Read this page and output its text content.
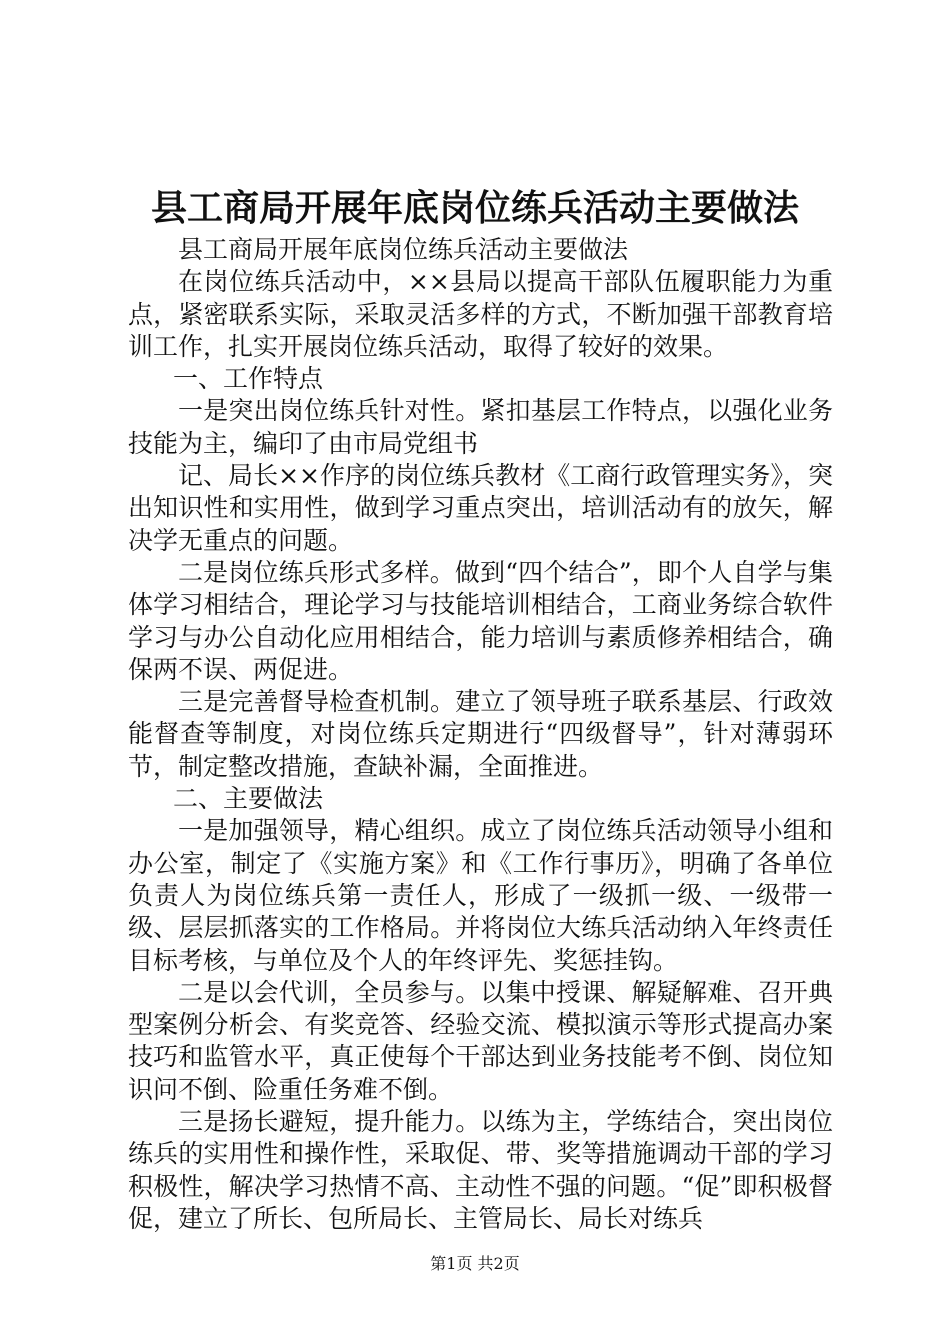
县工商局开展年底岗位练兵活动主要做法

县工商局开展年底岗位练兵活动主要做法

在岗位练兵活动中，××县局以提高干部队伍履职能力为重点，紧密联系实际，采取灵活多样的方式，不断加强干部教育培训工作，扎实开展岗位练兵活动，取得了较好的效果。

一、工作特点

一是突出岗位练兵针对性。紧扣基层工作特点，以强化业务技能为主，编印了由市局党组书

记、局长××作序的岗位练兵教材《工商行政管理实务》，突出知识性和实用性，做到学习重点突出，培训活动有的放矢，解决学无重点的问题。

二是岗位练兵形式多样。做到“四个结合”，即个人自学与集体学习相结合，理论学习与技能培训相结合，工商业务综合软件学习与办公自动化应用相结合，能力培训与素质修养相结合，确保两不误、两促进。

三是完善督导检查机制。建立了领导班子联系基层、行政效能督查等制度，对岗位练兵定期进行“四级督导”，针对薄弱环节，制定整改措施，查缺补漏，全面推进。

二、主要做法

一是加强领导，精心组织。成立了岗位练兵活动领导小组和办公室，制定了《实施方案》和《工作行事历》，明确了各单位负责人为岗位练兵第一责任人，形成了一级抓一级、一级带一级、层层抓落实的工作格局。并将岗位大练兵活动纳入年终责任目标考核，与单位及个人的年终评先、奖惩挂钩。

二是以会代训，全员参与。以集中授课、解疑解难、召开典型案例分析会、有奖竞答、经验交流、模拟演示等形式提高办案技巧和监管水平，真正使每个干部达到业务技能考不倒、岗位知识问不倒、险重任务难不倒。

三是扬长避短，提升能力。以练为主，学练结合，突出岗位练兵的实用性和操作性，采取促、带、奖等措施调动干部的学习积极性，解决学习热情不高、主动性不强的问题。“促”即积极督促，建立了所长、包所局长、主管局长、局长对练兵

第1页 共2页
